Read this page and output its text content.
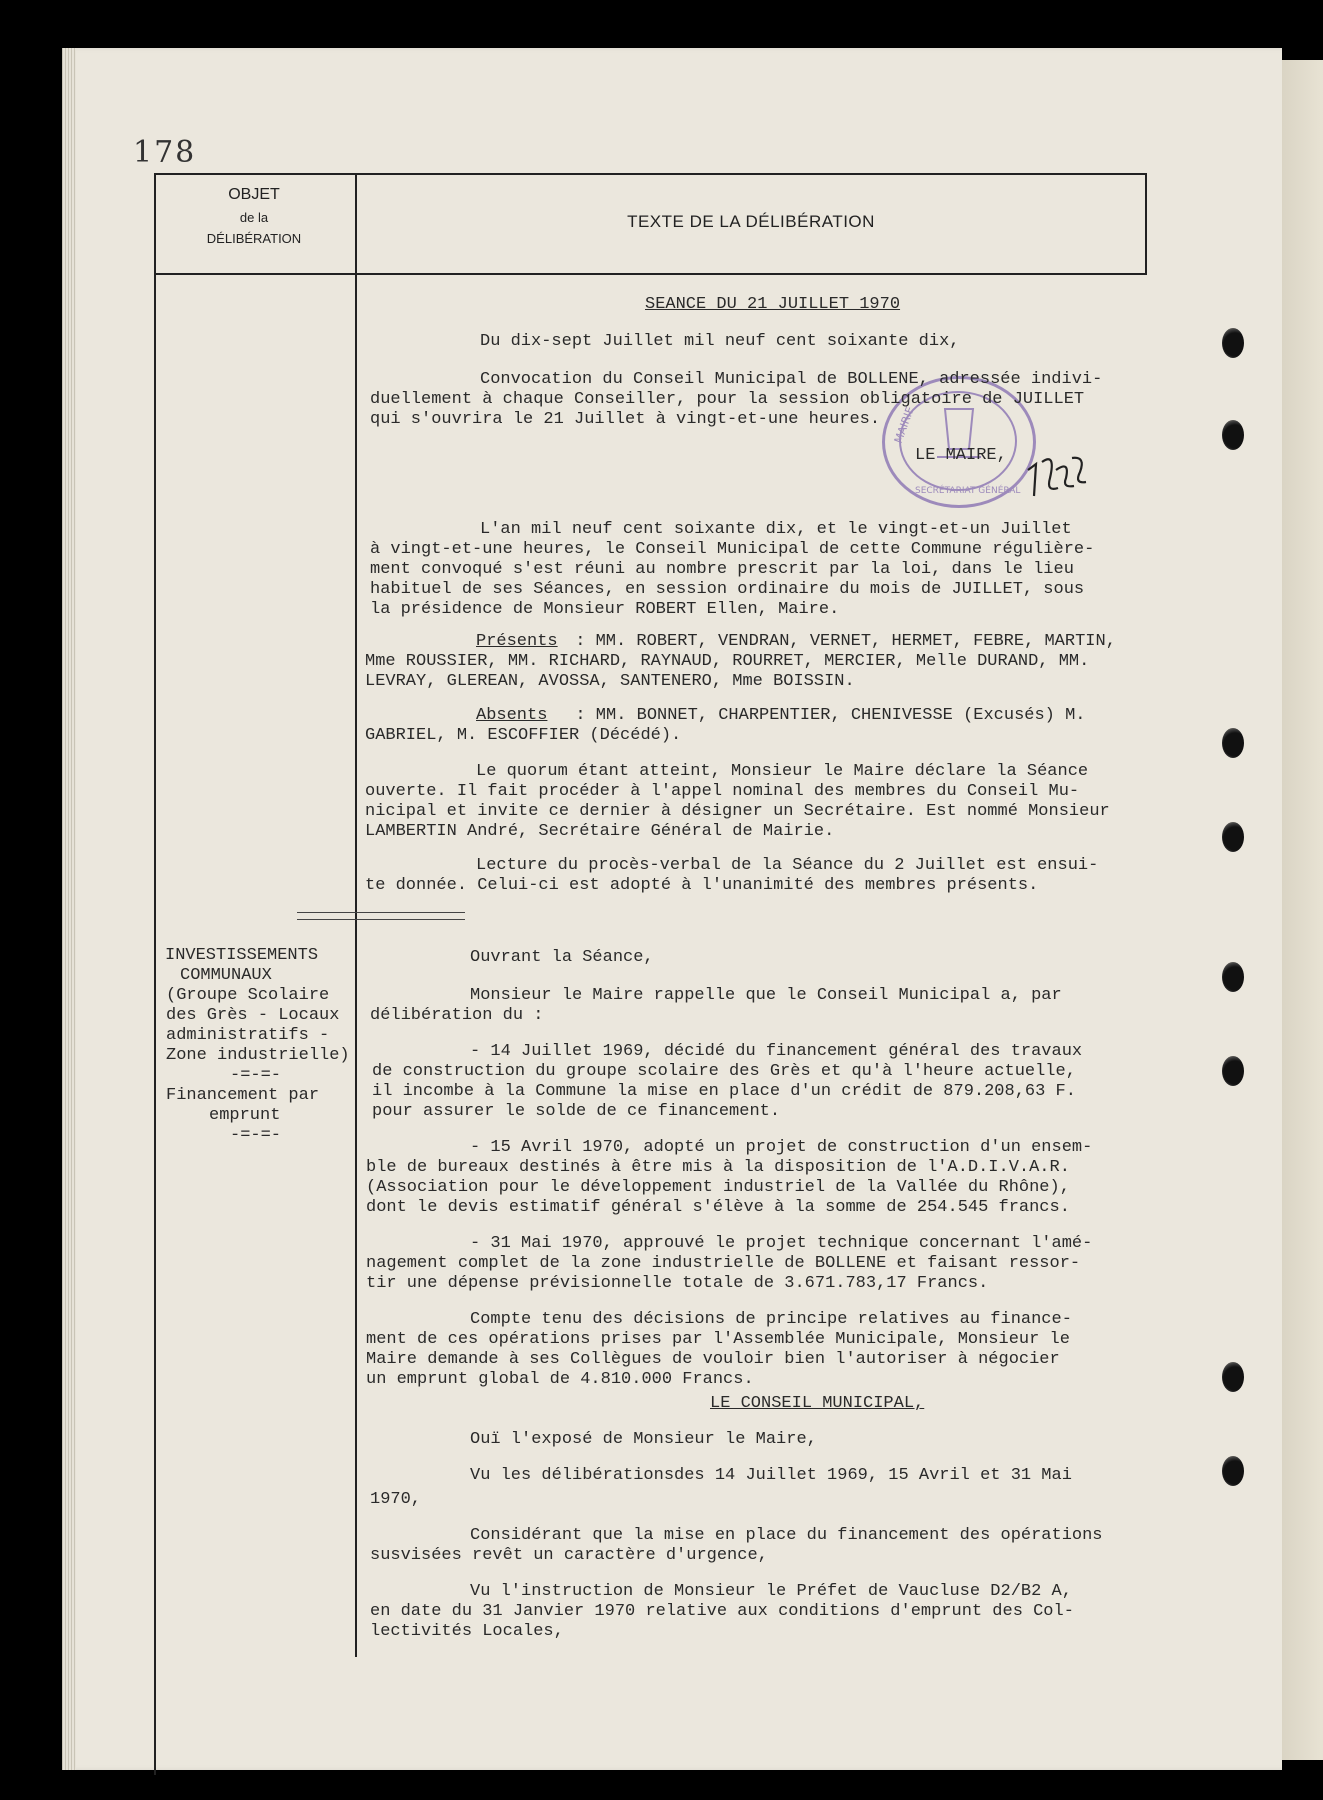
178
OBJET
de la
DÉLIBÉRATION
TEXTE DE LA DÉLIBÉRATION
INVESTISSEMENTS
COMMUNAUX
(Groupe Scolaire
des Grès - Locaux
administratifs -
Zone industrielle)
-=-=-
Financement par
emprunt
-=-=-
MAIRIE
SECRÉTARIAT GÉNÉRAL
SEANCE DU 21 JUILLET 1970
Du dix-sept Juillet mil neuf cent soixante dix,
Convocation du Conseil Municipal de BOLLENE, adressée indivi-
duellement à chaque Conseiller, pour la session obligatoire de JUILLET
qui s'ouvrira le 21 Juillet à vingt-et-une heures.
LE MAIRE,
L'an mil neuf cent soixante dix, et le vingt-et-un Juillet
à vingt-et-une heures, le Conseil Municipal de cette Commune régulière-
ment convoqué s'est réuni au nombre prescrit par la loi, dans le lieu
habituel de ses Séances, en session ordinaire du mois de JUILLET, sous
la présidence de Monsieur ROBERT Ellen, Maire.
Présents : MM. ROBERT, VENDRAN, VERNET, HERMET, FEBRE, MARTIN,
Mme ROUSSIER, MM. RICHARD, RAYNAUD, ROURRET, MERCIER, Melle DURAND, MM.
LEVRAY, GLEREAN, AVOSSA, SANTENERO, Mme BOISSIN.
Absents : MM. BONNET, CHARPENTIER, CHENIVESSE (Excusés) M.
GABRIEL, M. ESCOFFIER (Décédé).
Le quorum étant atteint, Monsieur le Maire déclare la Séance
ouverte. Il fait procéder à l'appel nominal des membres du Conseil Mu-
nicipal et invite ce dernier à désigner un Secrétaire. Est nommé Monsieur
LAMBERTIN André, Secrétaire Général de Mairie.
Lecture du procès-verbal de la Séance du 2 Juillet est ensui-
te donnée. Celui-ci est adopté à l'unanimité des membres présents.
Ouvrant la Séance,
Monsieur le Maire rappelle que le Conseil Municipal a, par
délibération du :
- 14 Juillet 1969, décidé du financement général des travaux
de construction du groupe scolaire des Grès et qu'à l'heure actuelle,
il incombe à la Commune la mise en place d'un crédit de 879.208,63 F.
pour assurer le solde de ce financement.
- 15 Avril 1970, adopté un projet de construction d'un ensem-
ble de bureaux destinés à être mis à la disposition de l'A.D.I.V.A.R.
(Association pour le développement industriel de la Vallée du Rhône),
dont le devis estimatif général s'élève à la somme de 254.545 francs.
- 31 Mai 1970, approuvé le projet technique concernant l'amé-
nagement complet de la zone industrielle de BOLLENE et faisant ressor-
tir une dépense prévisionnelle totale de 3.671.783,17 Francs.
Compte tenu des décisions de principe relatives au finance-
ment de ces opérations prises par l'Assemblée Municipale, Monsieur le
Maire demande à ses Collègues de vouloir bien l'autoriser à négocier
un emprunt global de 4.810.000 Francs.
LE CONSEIL MUNICIPAL,
Ouï l'exposé de Monsieur le Maire,
Vu les délibérationsdes 14 Juillet 1969, 15 Avril et 31 Mai
1970,
Considérant que la mise en place du financement des opérations
susvisées revêt un caractère d'urgence,
Vu l'instruction de Monsieur le Préfet de Vaucluse D2/B2 A,
en date du 31 Janvier 1970 relative aux conditions d'emprunt des Col-
lectivités Locales,
